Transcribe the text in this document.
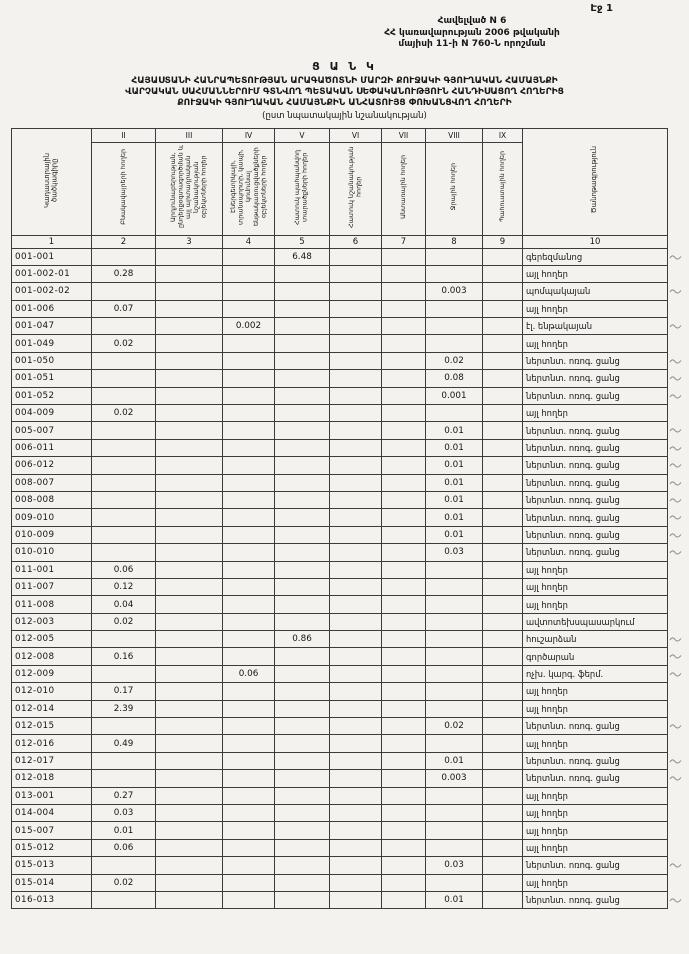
Էջ 1
Հավելված N 6
ՀՀ կառավարության 2006 թվականի
մայիսի 11-ի N 760-Ն որոշման
Ց Ա Ն Կ
ՀԱՅԱՍՏԱՆԻ ՀԱՆՐԱՊԵՏՈՒԹՅԱՆ ԱՐԱԳԱԾՈՏՆԻ ՄԱՐԶԻ ՔՈՒՋԱԿԻ ԳՅՈՒՂԱԿԱՆ ՀԱՄԱՅՆՔԻ
ՎԱՐՉԱԿԱՆ ՍԱՀՄԱՆՆԵՐՈՒՄ ԳՏՆՎՈՂ ՊԵՏԱԿԱՆ ՍԵՓԱԿԱՆՈՒԹՅՈՒՆ ՀԱՆԴԻՍԱՑՈՂ ՀՈՂԵՐԻՑ
ՔՈՒՋԱԿԻ ԳՅՈՒՂԱԿԱՆ ՀԱՄԱՅՆՔԻՆ ԱՆՀԱՏՈՒՅՑ ՓՈԽԱՆՑՎՈՂ ՀՈՂԵՐԻ
(ըստ նպատակային նշանակության)
Կադաստրային ծածկագիրը	II	III	IV	V	VI	VII	VIII	IX	Ծանոթագրություն
	Բնակավայրերի հողեր	Արդյունաբերության, ընդերքօգտագործման և այլ արտադրական նշանակության օբյեկտների հողեր	Էներգետիկայի, տրանսպորտի, կապի, կոմունալ ենթակառուցվածքների օբյեկտների հողեր	Հատուկ պահպանվող տարածքների հողեր	Հատուկ նշանակության հողեր	Անտառային հողեր	Ջրային հողեր	Պահուստային հողեր	
1	2	3	4	5	6	7	8	9	10
001-001				6.48					գերեզմանոց

001-002-01	0.28								այլ հողեր
001-002-02							0.003		պոմպակայան

001-006	0.07								այլ հողեր
001-047			0.002						էլ. ենթակայան

001-049	0.02								այլ հողեր
001-050							0.02		ներտնտ. ոռոգ. ցանց

001-051							0.08		ներտնտ. ոռոգ. ցանց

001-052							0.001		ներտնտ. ոռոգ. ցանց

004-009	0.02								այլ հողեր
005-007							0.01		ներտնտ. ոռոգ. ցանց

006-011							0.01		ներտնտ. ոռոգ. ցանց

006-012							0.01		ներտնտ. ոռոգ. ցանց

008-007							0.01		ներտնտ. ոռոգ. ցանց

008-008							0.01		ներտնտ. ոռոգ. ցանց

009-010							0.01		ներտնտ. ոռոգ. ցանց

010-009							0.01		ներտնտ. ոռոգ. ցանց

010-010							0.03		ներտնտ. ոռոգ. ցանց

011-001	0.06								այլ հողեր
011-007	0.12								այլ հողեր
011-008	0.04								այլ հողեր
012-003	0.02								ավտոտեխսպասարկում
012-005				0.86					հուշարձան

012-008	0.16								գործարան

012-009			0.06						ոչխ. կարգ. ֆերմ.

012-010	0.17								այլ հողեր
012-014	2.39								այլ հողեր
012-015							0.02		ներտնտ. ոռոգ. ցանց

012-016	0.49								այլ հողեր
012-017							0.01		ներտնտ. ոռոգ. ցանց

012-018							0.003		ներտնտ. ոռոգ. ցանց

013-001	0.27								այլ հողեր
014-004	0.03								այլ հողեր
015-007	0.01								այլ հողեր
015-012	0.06								այլ հողեր
015-013							0.03		ներտնտ. ոռոգ. ցանց

015-014	0.02								այլ հողեր
016-013							0.01		ներտնտ. ոռոգ. ցանց
